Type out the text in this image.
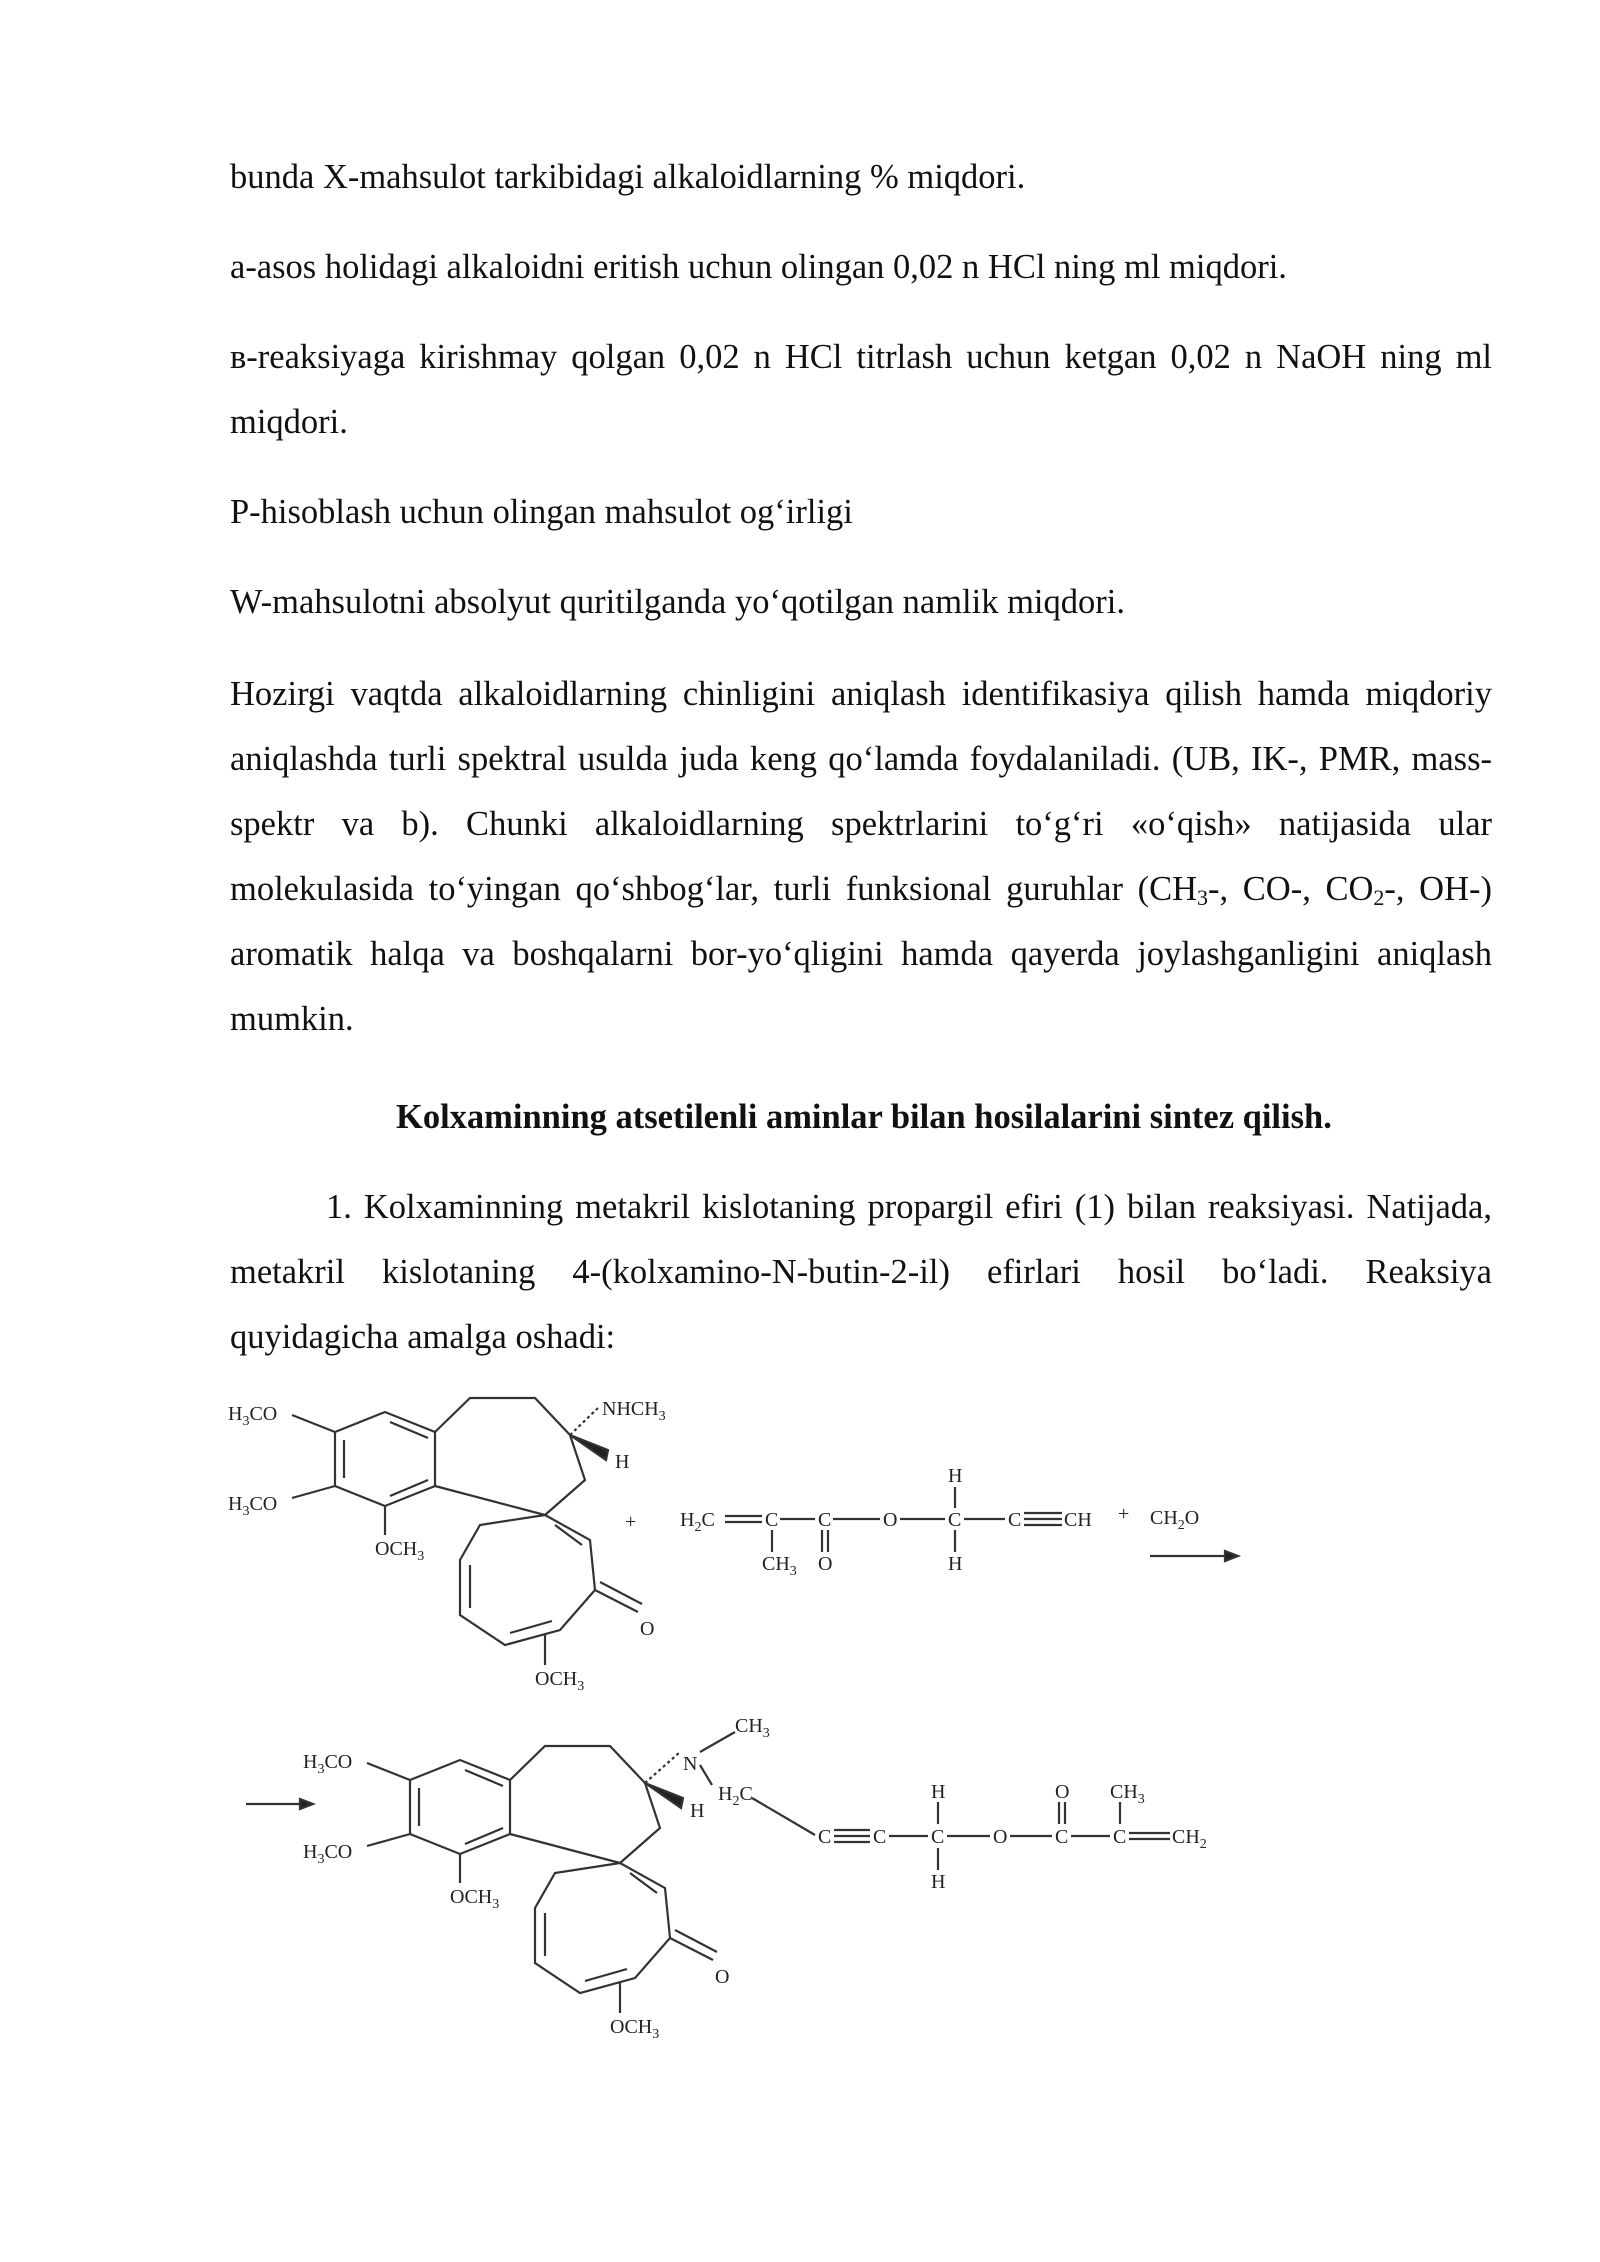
bunda X-mahsulot tarkibidagi alkaloidlarning % miqdori.

a-asos holidagi alkaloidni eritish uchun olingan 0,02 n HCl ning ml miqdori.

в-reaksiyaga kirishmay qolgan 0,02 n HCl titrlash uchun ketgan 0,02 n NaOH ning ml miqdori.

P-hisoblash uchun olingan mahsulot og‘irligi

W-mahsulotni absolyut quritilganda yo‘qotilgan namlik miqdori.

Hozirgi vaqtda alkaloidlarning chinligini aniqlash identifikasiya qilish hamda miqdoriy aniqlashda turli spektral usulda juda keng qo‘lamda foydalaniladi. (UB, IK-, PMR, mass-spektr va b). Chunki alkaloidlarning spektrlarini to‘g‘ri «o‘qish» natijasida ular molekulasida to‘yingan qo‘shbog‘lar, turli funksional guruhlar ($CH_3-$, CO-, $CO_2-$, OH-) aromatik halqa va boshqalarni bor-yo‘qligini hamda qayerda joylashganligini aniqlash mumkin.

Kolxaminning atsetilenli aminlar bilan hosilalarini sintez qilish.

1. Kolxaminning metakril kislotaning propargil efiri (1) bilan reaksiyasi. Natijada, metakril kislotaning 4-(kolxamino-N-butin-2-il) efirlari hosil bo‘ladi. Reaksiya quyidagicha amalga oshadi:

$H_3CO$
$H_3CO$
$OCH_3$
$OCH_3$
$NHCH_3$
H
O
+ $H_2C$	C C	O	C C CH
$CH_3$ O
H
H
+ $CH_2O$
$H_3CO$
$H_3CO$
$OCH_3$
$OCH_3$
N
$CH_3$
$H_2C$
H
O
C C C O C C $CH_2$
H
H
O $CH_3$
